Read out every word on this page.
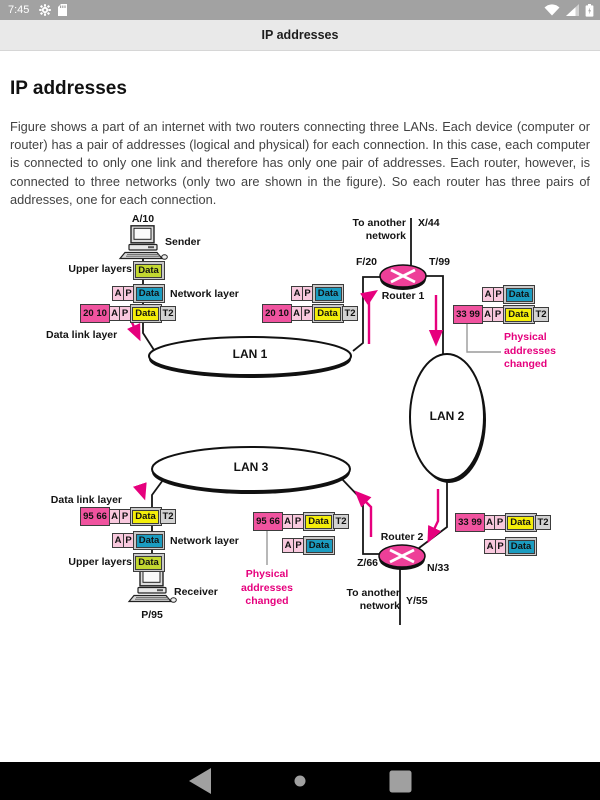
7:45
IP addresses
IP addresses

Figure shows a part of an internet with two routers connecting three LANs. Each device (computer or router) has a pair of addresses (logical and physical) for each connection. In this case, each computer is connected to only one link and therefore has only one pair of addresses. Each router, however, is connected to three networks (only two are shown in the figure). So each router has three pairs of addresses, one for each connection.

A/10
Sender
Upper layers
Network layer
Data link layer
LAN 1
LAN 2
LAN 3
To another
network
X/44
F/20	T/99
Router 1
Router 2
Z/66	N/33
To another
network Y/55
Physical
addresses
changed
Physical
addresses
changed
Data link layer
Network layer
Upper layers
Receiver
P/95
Data
A P Data
20 10 A P Data T2
A P Data
20 10 A P Data T2
A P Data
33 99 A P Data T2
33 99 A P Data T2
A P Data
95 66 A P Data T2
A P Data
95 66 A P Data T2
A P Data
Data
